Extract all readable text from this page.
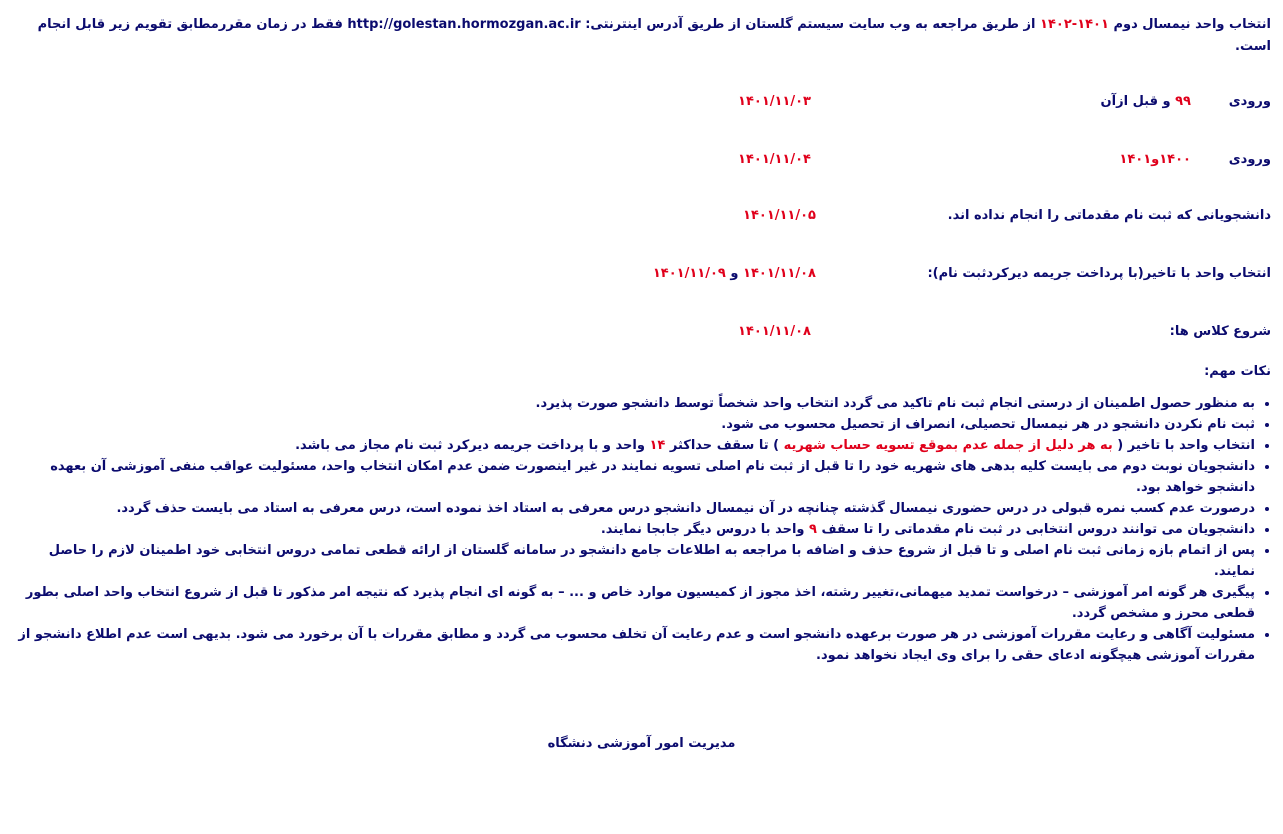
انتخاب واحد نیمسال دوم ۱۴۰۱-۱۴۰۲ از طریق مراجعه به وب سایت سیستم گلستان از طریق آدرس اینترنتی: http://golestan.hormozgan.ac.ir فقط در زمان مقررمطابق تقویم زیر قابل انجام است.

ورودی
۹۹ و قبل ازآن
۱۴۰۱/۱۱/۰۳
ورودی
۱۴۰۰و۱۴۰۱
۱۴۰۱/۱۱/۰۴
دانشجویانی که ثبت نام مقدماتی را انجام نداده اند.
۱۴۰۱/۱۱/۰۵
انتخاب واحد با تاخیر(با پرداخت جریمه دیرکردثبت نام):
۱۴۰۱/۱۱/۰۸ و ۱۴۰۱/۱۱/۰۹
شروع کلاس ها:
۱۴۰۱/۱۱/۰۸

نکات مهم:

• به منظور حصول اطمینان از درستی انجام ثبت نام تاکید می گردد انتخاب واحد شخصاً توسط دانشجو صورت پذیرد.
• ثبت نام نکردن دانشجو در هر نیمسال تحصیلی، انصراف از تحصیل محسوب می شود.
• انتخاب واحد با تاخیر ( به هر دلیل از جمله عدم بموقع تسویه حساب شهریه ) تا سقف حداکثر ۱۴ واحد و با پرداخت جریمه دیرکرد ثبت نام مجاز می باشد.
• دانشجویان نوبت دوم می بایست کلیه بدهی های شهریه خود را تا قبل از ثبت نام اصلی تسویه نمایند در غیر اینصورت ضمن عدم امکان انتخاب واحد، مسئولیت عواقب منفی آموزشی آن بعهده دانشجو خواهد بود.
• درصورت عدم کسب نمره قبولی در درس حضوری نیمسال گذشته چنانچه در آن نیمسال دانشجو درس معرفی به استاد اخذ نموده است، درس معرفی به استاد می بایست حذف گردد.
• دانشجویان می توانند دروس انتخابی در ثبت نام مقدماتی را تا سقف ۹ واحد با دروس دیگر جابجا نمایند.
• پس از اتمام بازه زمانی ثبت نام اصلی و تا قبل از شروع حذف و اضافه با مراجعه به اطلاعات جامع دانشجو در سامانه گلستان از ارائه قطعی تمامی دروس انتخابی خود اطمینان لازم را حاصل نمایند.
• پیگیری هر گونه امر آموزشی – درخواست تمدید میهمانی،تغییر رشته، اخذ مجوز از کمیسیون موارد خاص و ... – به گونه ای انجام پذیرد که نتیجه امر مذکور تا قبل از شروع انتخاب واحد اصلی بطور قطعی محرز و مشخص گردد.
• مسئولیت آگاهی و رعایت مقررات آموزشی در هر صورت برعهده دانشجو است و عدم رعایت آن تخلف محسوب می گردد و مطابق مقررات با آن برخورد می شود. بدیهی است عدم اطلاع دانشجو از مقررات آموزشی هیچگونه ادعای حقی را برای وی ایجاد نخواهد نمود.
مدیریت امور آموزشی دنشگاه
